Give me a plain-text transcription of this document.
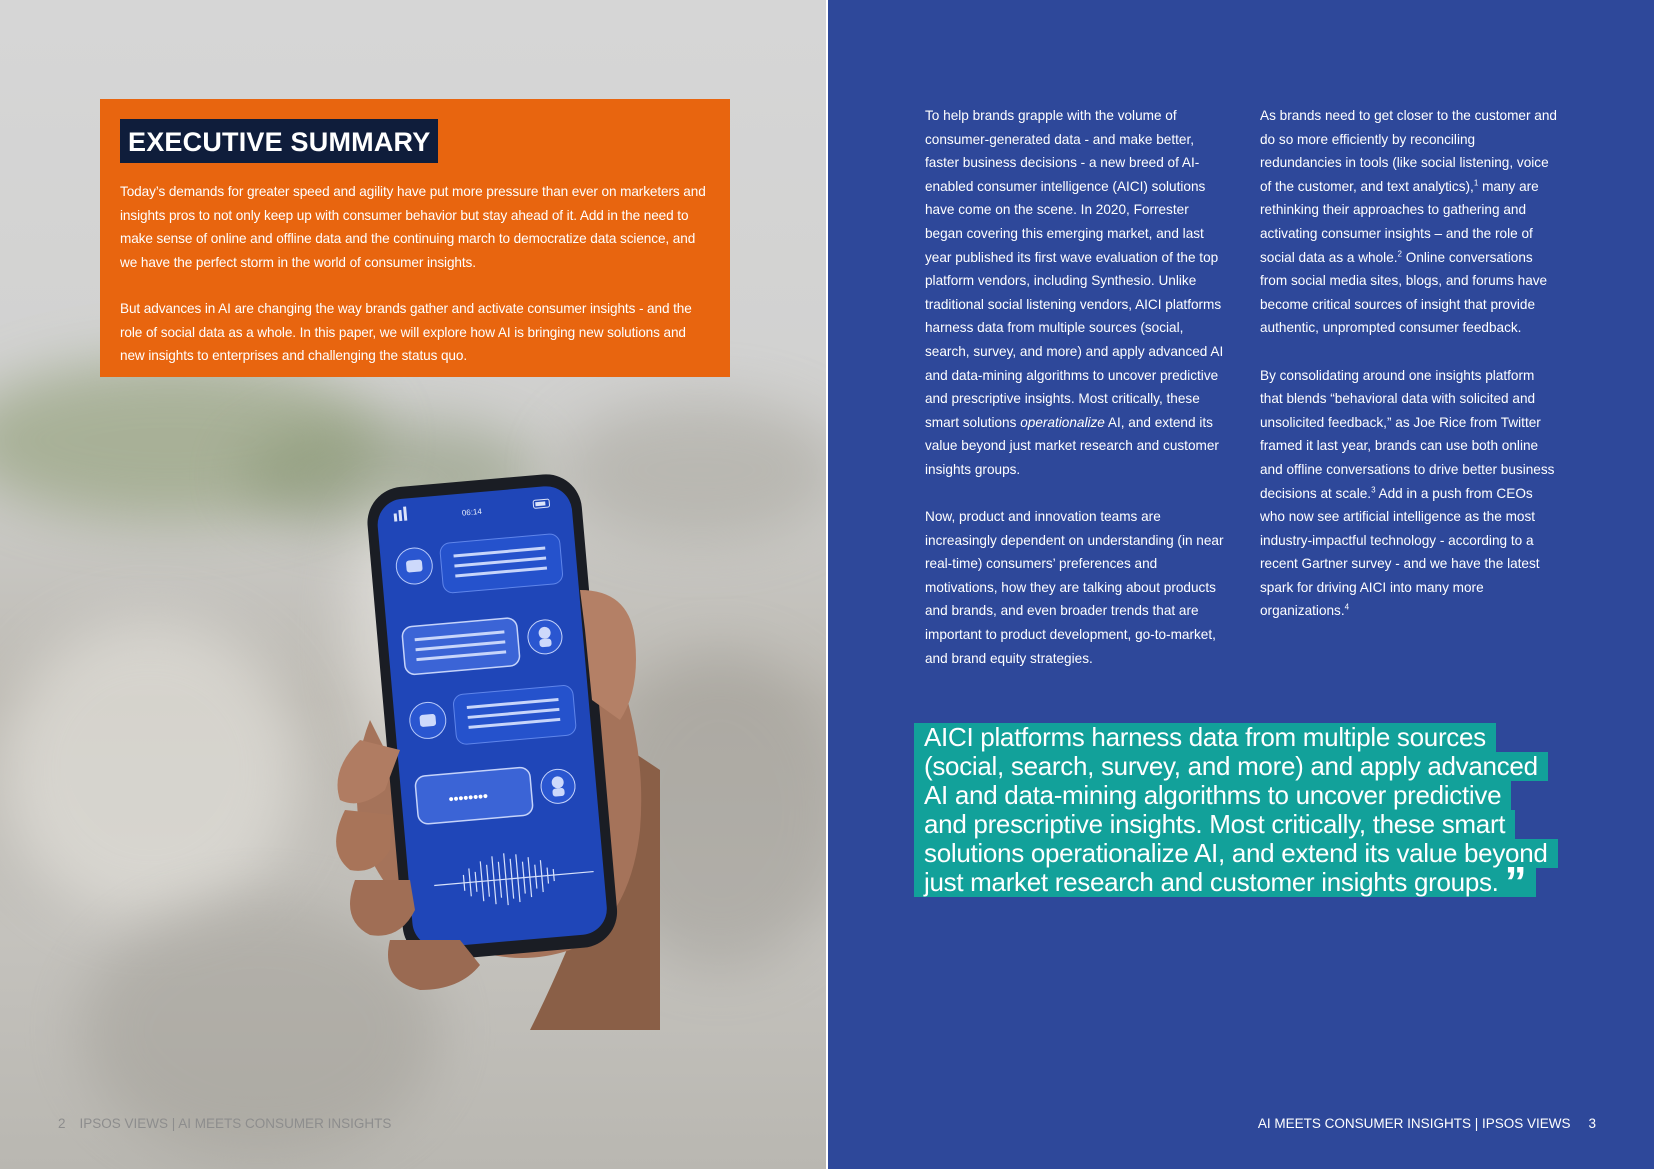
06:14
••••••••
EXECUTIVE SUMMARY

Today’s demands for greater speed and agility have put more pressure than ever on marketers and insights pros to not only keep up with consumer behavior but stay ahead of it. Add in the need to make sense of online and offline data and the continuing march to democratize data science, and we have the perfect storm in the world of consumer insights.

But advances in AI are changing the way brands gather and activate consumer insights - and the role of social data as a whole. In this paper, we will explore how AI is bringing new solutions and new insights to enterprises and challenging the status quo.

2 IPSOS VIEWS | AI MEETS CONSUMER INSIGHTS

To help brands grapple with the volume of consumer-generated data - and make better, faster business decisions - a new breed of AI-enabled consumer intelligence (AICI) solutions have come on the scene. In 2020, Forrester began covering this emerging market, and last year published its first wave evaluation of the top platform vendors, including Synthesio. Unlike traditional social listening vendors, AICI platforms harness data from multiple sources (social, search, survey, and more) and apply advanced AI and data-mining algorithms to uncover predictive and prescriptive insights. Most critically, these smart solutions operationalize AI, and extend its value beyond just market research and customer insights groups.

Now, product and innovation teams are increasingly dependent on understanding (in near real-time) consumers’ preferences and motivations, how they are talking about products and brands, and even broader trends that are important to product development, go-to-market, and brand equity strategies.

As brands need to get closer to the customer and do so more efficiently by reconciling redundancies in tools (like social listening, voice of the customer, and text analytics),$^1$ many are rethinking their approaches to gathering and activating consumer insights – and the role of social data as a whole.$^2$ Online conversations from social media sites, blogs, and forums have become critical sources of insight that provide authentic, unprompted consumer feedback.

By consolidating around one insights platform that blends “behavioral data with solicited and unsolicited feedback,” as Joe Rice from Twitter framed it last year, brands can use both online and offline conversations to drive better business decisions at scale.$^3$ Add in a push from CEOs who now see artificial intelligence as the most industry-impactful technology - according to a recent Gartner survey - and we have the latest spark for driving AICI into many more organizations.$^4$

AICI platforms harness data from multiple sources
(social, search, survey, and more) and apply advanced
AI and data-mining algorithms to uncover predictive
and prescriptive insights. Most critically, these smart
solutions operationalize AI, and extend its value beyond
just market research and customer insights groups. ”
AI MEETS CONSUMER INSIGHTS | IPSOS VIEWS 3
